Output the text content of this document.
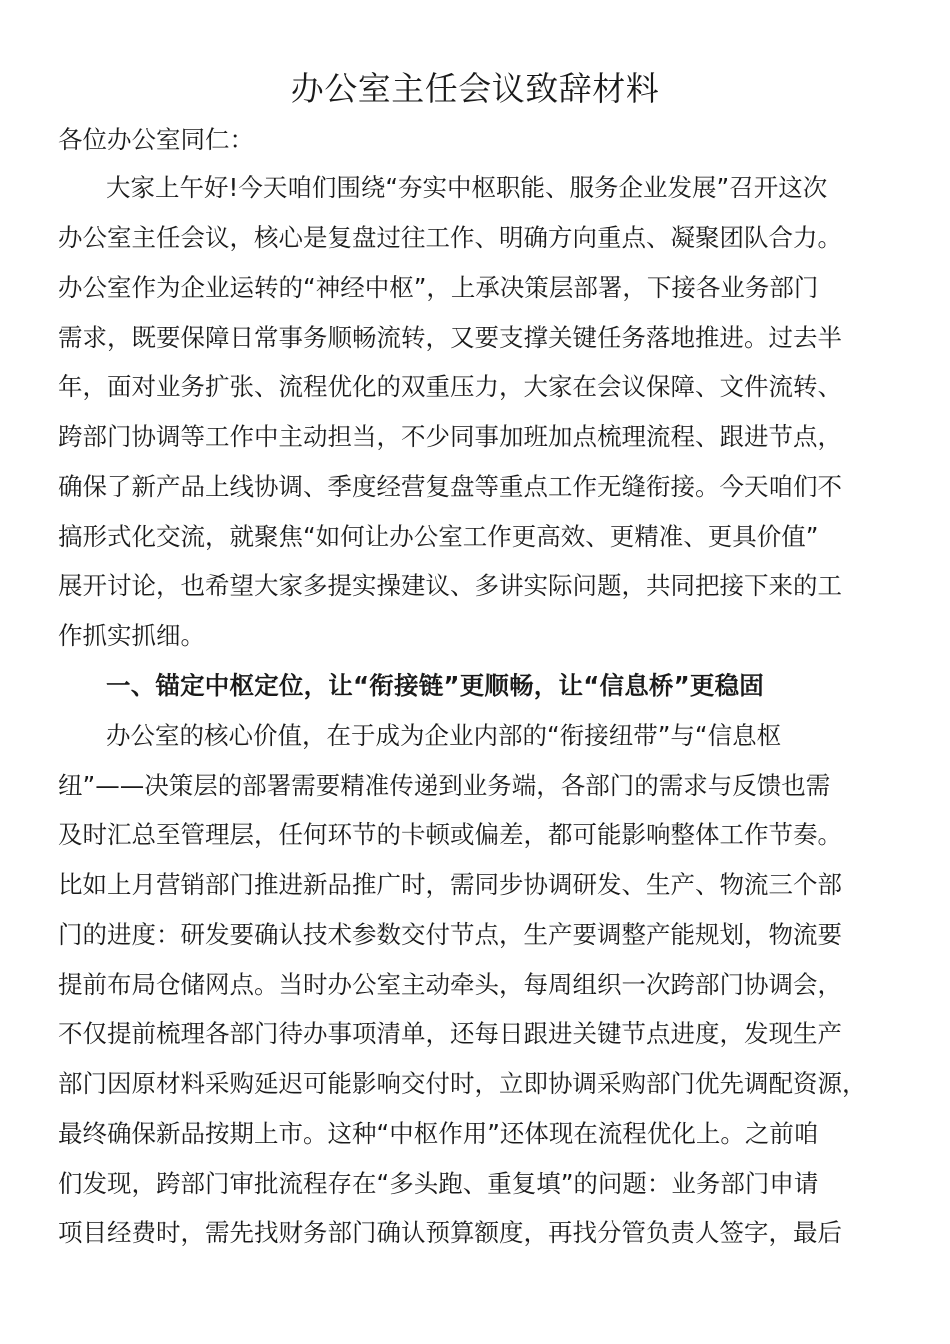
办公室主任会议致辞材料
各位办公室同仁：
大家上午好!今天咱们围绕“夯实中枢职能、服务企业发展”召开这次
办公室主任会议，核心是复盘过往工作、明确方向重点、凝聚团队合力。
办公室作为企业运转的“神经中枢”，上承决策层部署，下接各业务部门
需求，既要保障日常事务顺畅流转，又要支撑关键任务落地推进。过去半
年，面对业务扩张、流程优化的双重压力，大家在会议保障、文件流转、
跨部门协调等工作中主动担当，不少同事加班加点梳理流程、跟进节点，
确保了新产品上线协调、季度经营复盘等重点工作无缝衔接。今天咱们不
搞形式化交流，就聚焦“如何让办公室工作更高效、更精准、更具价值”
展开讨论，也希望大家多提实操建议、多讲实际问题，共同把接下来的工
作抓实抓细。
一、锚定中枢定位，让“衔接链”更顺畅，让“信息桥”更稳固
办公室的核心价值，在于成为企业内部的“衔接纽带”与“信息枢
纽”——决策层的部署需要精准传递到业务端，各部门的需求与反馈也需
及时汇总至管理层，任何环节的卡顿或偏差，都可能影响整体工作节奏。
比如上月营销部门推进新品推广时，需同步协调研发、生产、物流三个部
门的进度：研发要确认技术参数交付节点，生产要调整产能规划，物流要
提前布局仓储网点。当时办公室主动牵头，每周组织一次跨部门协调会，
不仅提前梳理各部门待办事项清单，还每日跟进关键节点进度，发现生产
部门因原材料采购延迟可能影响交付时，立即协调采购部门优先调配资源，
最终确保新品按期上市。这种“中枢作用”还体现在流程优化上。之前咱
们发现，跨部门审批流程存在“多头跑、重复填”的问题：业务部门申请
项目经费时，需先找财务部门确认预算额度，再找分管负责人签字，最后
